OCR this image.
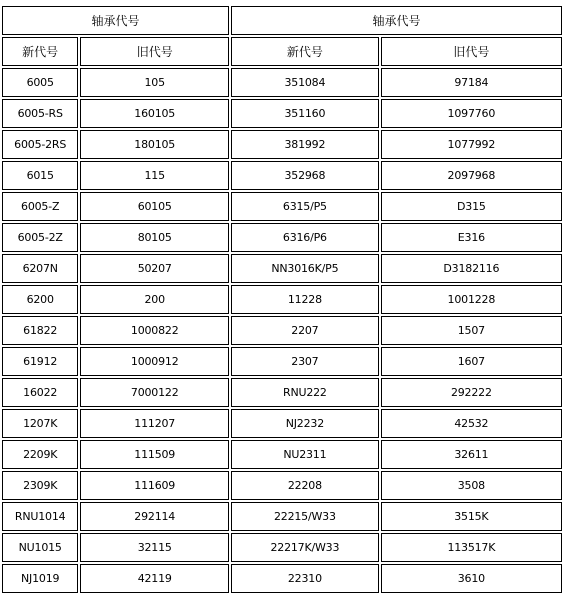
轴承代号		轴承代号	
新代号	旧代号	新代号	旧代号
6005	105	351084	97184
6005-RS	160105	351160	1097760
6005-2RS	180105	381992	1077992
6015	115	352968	2097968
6005-Z	60105	6315/P5	D315
6005-2Z	80105	6316/P6	E316
6207N	50207	NN3016K/P5	D3182116
6200	200	11228	1001228
61822	1000822	2207	1507
61912	1000912	2307	1607
16022	7000122	RNU222	292222
1207K	111207	NJ2232	42532
2209K	111509	NU2311	32611
2309K	111609	22208	3508
RNU1014	292114	22215/W33	3515K
NU1015	32115	22217K/W33	113517K
NJ1019	42119	22310	3610
